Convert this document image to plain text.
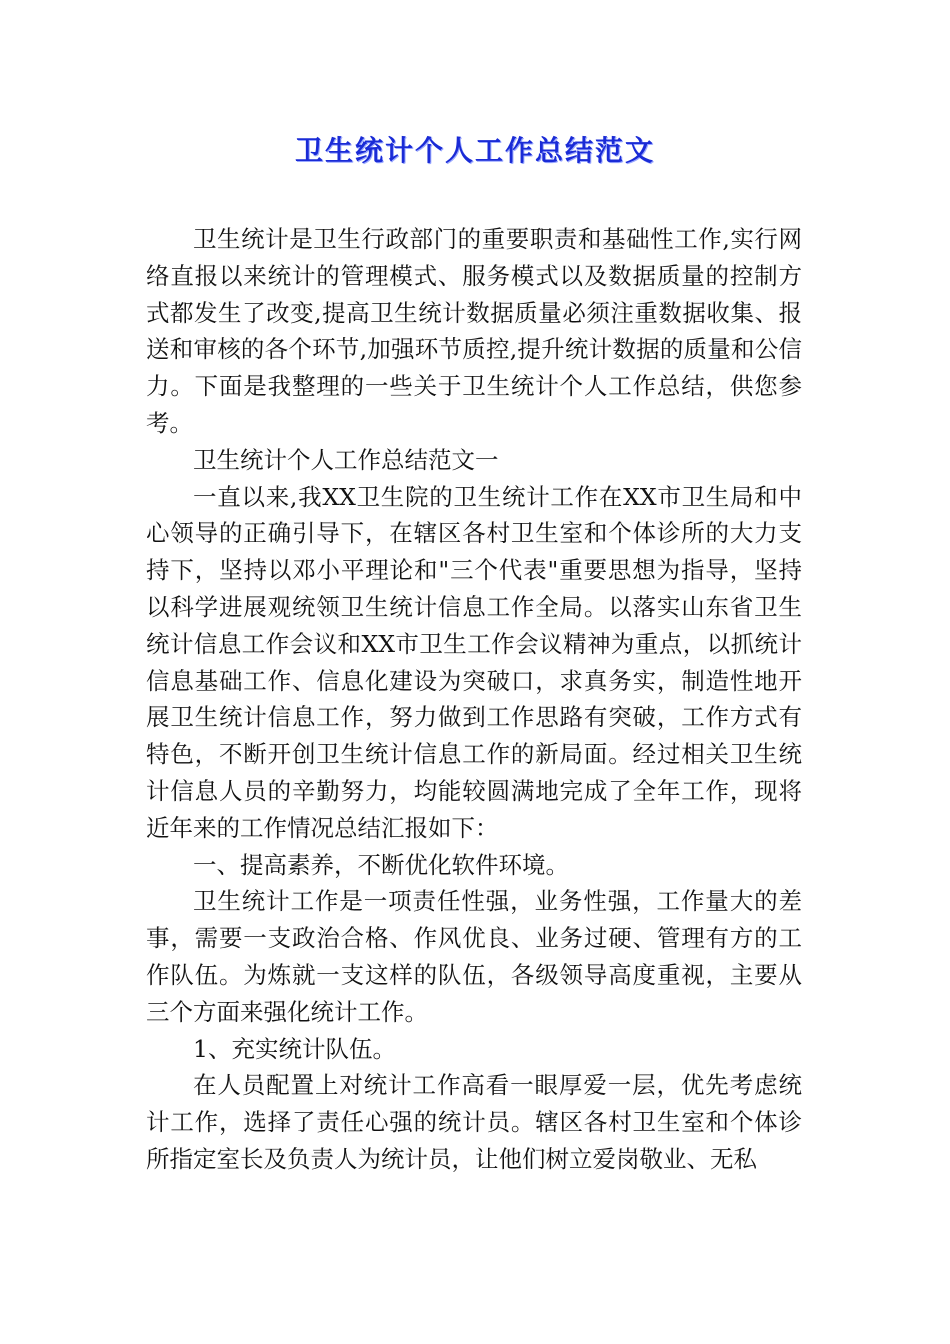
卫生统计个人工作总结范文

卫生统计是卫生行政部门的重要职责和基础性工作,实行网络直报以来统计的管理模式、服务模式以及数据质量的控制方式都发生了改变,提高卫生统计数据质量必须注重数据收集、报送和审核的各个环节,加强环节质控,提升统计数据的质量和公信力。下面是我整理的一些关于卫生统计个人工作总结，供您参考。

卫生统计个人工作总结范文一

一直以来,我XX卫生院的卫生统计工作在XX市卫生局和中心领导的正确引导下，在辖区各村卫生室和个体诊所的大力支持下，坚持以邓小平理论和"三个代表"重要思想为指导，坚持以科学进展观统领卫生统计信息工作全局。以落实山东省卫生统计信息工作会议和XX市卫生工作会议精神为重点，以抓统计信息基础工作、信息化建设为突破口，求真务实，制造性地开展卫生统计信息工作，努力做到工作思路有突破，工作方式有特色，不断开创卫生统计信息工作的新局面。经过相关卫生统计信息人员的辛勤努力，均能较圆满地完成了全年工作，现将近年来的工作情况总结汇报如下：

一、提高素养，不断优化软件环境。

卫生统计工作是一项责任性强，业务性强，工作量大的差事，需要一支政治合格、作风优良、业务过硬、管理有方的工作队伍。为炼就一支这样的队伍，各级领导高度重视，主要从三个方面来强化统计工作。

1、充实统计队伍。

在人员配置上对统计工作高看一眼厚爱一层，优先考虑统计工作，选择了责任心强的统计员。辖区各村卫生室和个体诊所指定室长及负责人为统计员，让他们树立爱岗敬业、无私
